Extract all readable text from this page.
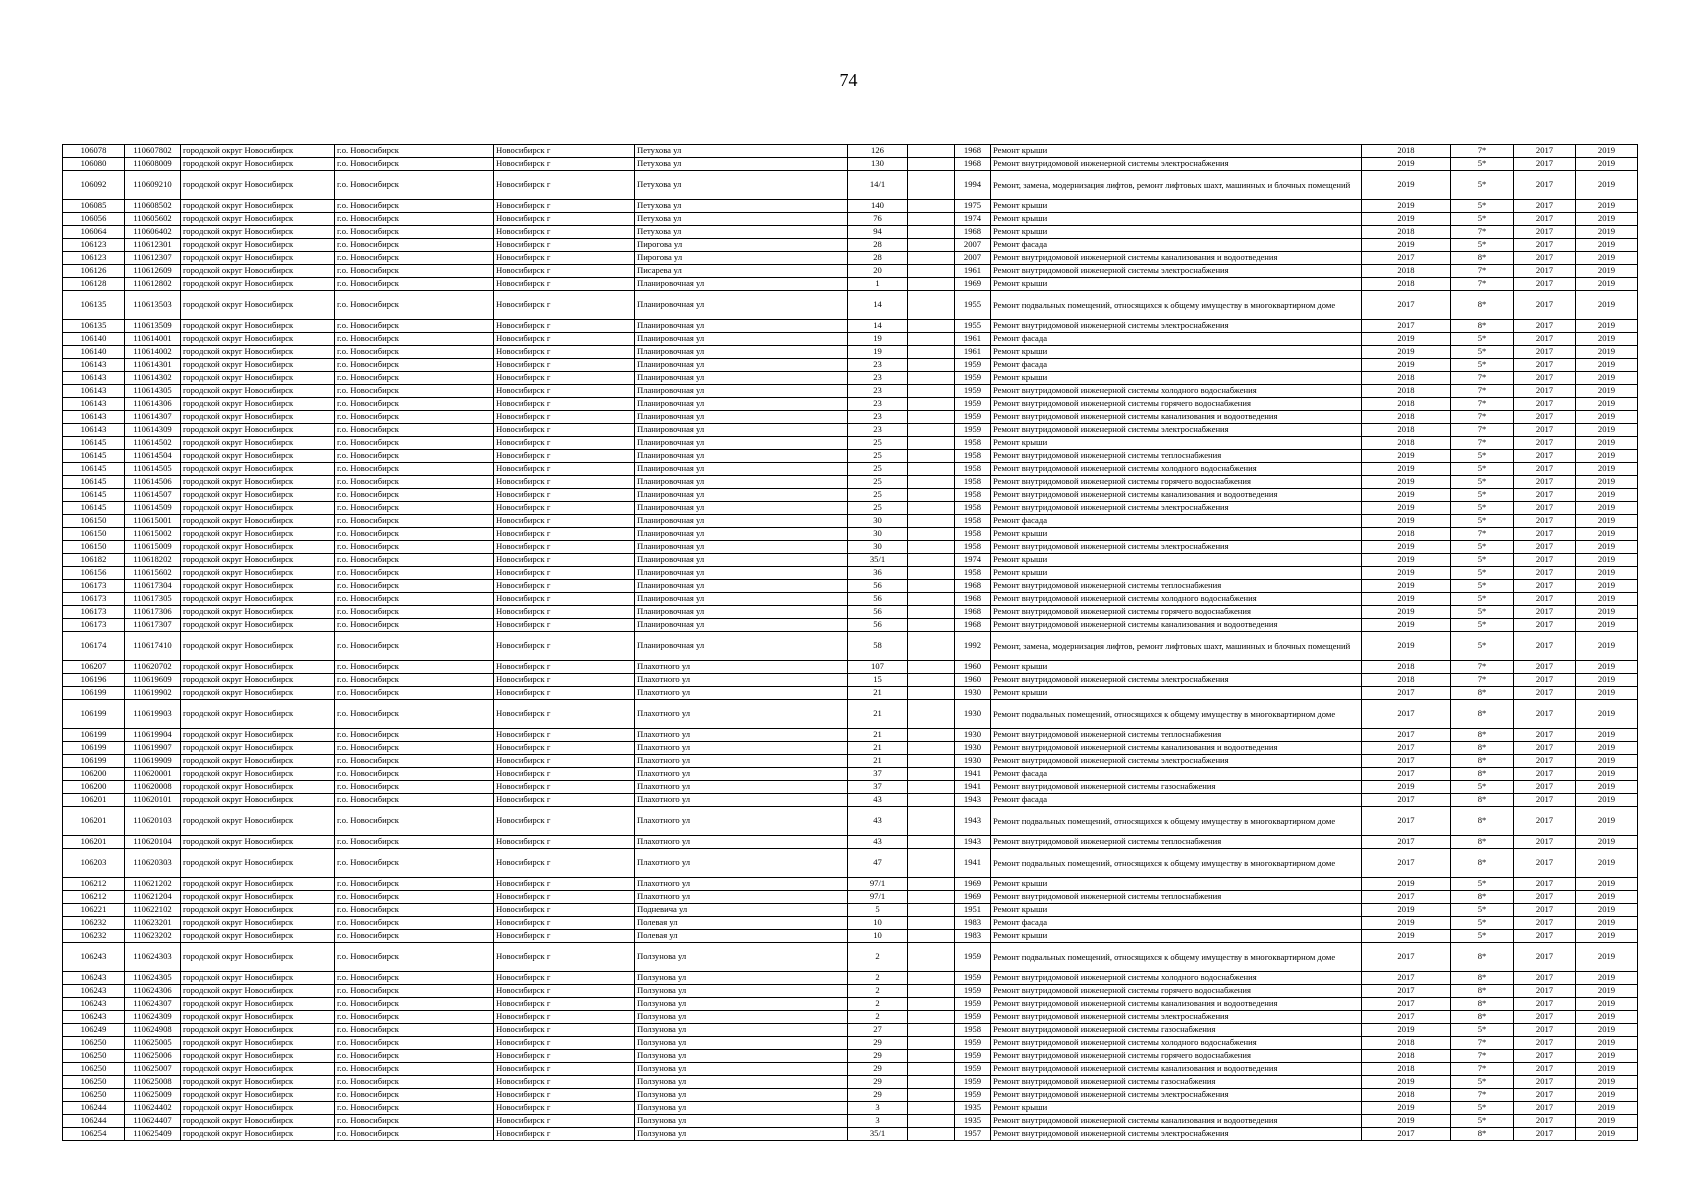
74
106078	110607802	городской округ Новосибирск	г.о. Новосибирск	Новосибирск г	Петухова ул	126		1968	Ремонт крыши	2018	7*	2017	2019
106080	110608009	городской округ Новосибирск	г.о. Новосибирск	Новосибирск г	Петухова ул	130		1968	Ремонт внутридомовой инженерной системы электроснабжения	2019	5*	2017	2019
106092	110609210	городской округ Новосибирск	г.о. Новосибирск	Новосибирск г	Петухова ул	14/1		1994	Ремонт, замена, модернизация лифтов, ремонт лифтовых шахт, машинных и блочных помещений	2019	5*	2017	2019
106085	110608502	городской округ Новосибирск	г.о. Новосибирск	Новосибирск г	Петухова ул	140		1975	Ремонт крыши	2019	5*	2017	2019
106056	110605602	городской округ Новосибирск	г.о. Новосибирск	Новосибирск г	Петухова ул	76		1974	Ремонт крыши	2019	5*	2017	2019
106064	110606402	городской округ Новосибирск	г.о. Новосибирск	Новосибирск г	Петухова ул	94		1968	Ремонт крыши	2018	7*	2017	2019
106123	110612301	городской округ Новосибирск	г.о. Новосибирск	Новосибирск г	Пирогова ул	28		2007	Ремонт фасада	2019	5*	2017	2019
106123	110612307	городской округ Новосибирск	г.о. Новосибирск	Новосибирск г	Пирогова ул	28		2007	Ремонт внутридомовой инженерной системы канализования и водоотведения	2017	8*	2017	2019
106126	110612609	городской округ Новосибирск	г.о. Новосибирск	Новосибирск г	Писарева ул	20		1961	Ремонт внутридомовой инженерной системы электроснабжения	2018	7*	2017	2019
106128	110612802	городской округ Новосибирск	г.о. Новосибирск	Новосибирск г	Планировочная ул	1		1969	Ремонт крыши	2018	7*	2017	2019
106135	110613503	городской округ Новосибирск	г.о. Новосибирск	Новосибирск г	Планировочная ул	14		1955	Ремонт подвальных помещений, относящихся к общему имуществу в многоквартирном доме	2017	8*	2017	2019
106135	110613509	городской округ Новосибирск	г.о. Новосибирск	Новосибирск г	Планировочная ул	14		1955	Ремонт внутридомовой инженерной системы электроснабжения	2017	8*	2017	2019
106140	110614001	городской округ Новосибирск	г.о. Новосибирск	Новосибирск г	Планировочная ул	19		1961	Ремонт фасада	2019	5*	2017	2019
106140	110614002	городской округ Новосибирск	г.о. Новосибирск	Новосибирск г	Планировочная ул	19		1961	Ремонт крыши	2019	5*	2017	2019
106143	110614301	городской округ Новосибирск	г.о. Новосибирск	Новосибирск г	Планировочная ул	23		1959	Ремонт фасада	2019	5*	2017	2019
106143	110614302	городской округ Новосибирск	г.о. Новосибирск	Новосибирск г	Планировочная ул	23		1959	Ремонт крыши	2018	7*	2017	2019
106143	110614305	городской округ Новосибирск	г.о. Новосибирск	Новосибирск г	Планировочная ул	23		1959	Ремонт внутридомовой инженерной системы холодного водоснабжения	2018	7*	2017	2019
106143	110614306	городской округ Новосибирск	г.о. Новосибирск	Новосибирск г	Планировочная ул	23		1959	Ремонт внутридомовой инженерной системы горячего водоснабжения	2018	7*	2017	2019
106143	110614307	городской округ Новосибирск	г.о. Новосибирск	Новосибирск г	Планировочная ул	23		1959	Ремонт внутридомовой инженерной системы канализования и водоотведения	2018	7*	2017	2019
106143	110614309	городской округ Новосибирск	г.о. Новосибирск	Новосибирск г	Планировочная ул	23		1959	Ремонт внутридомовой инженерной системы электроснабжения	2018	7*	2017	2019
106145	110614502	городской округ Новосибирск	г.о. Новосибирск	Новосибирск г	Планировочная ул	25		1958	Ремонт крыши	2018	7*	2017	2019
106145	110614504	городской округ Новосибирск	г.о. Новосибирск	Новосибирск г	Планировочная ул	25		1958	Ремонт внутридомовой инженерной системы теплоснабжения	2019	5*	2017	2019
106145	110614505	городской округ Новосибирск	г.о. Новосибирск	Новосибирск г	Планировочная ул	25		1958	Ремонт внутридомовой инженерной системы холодного водоснабжения	2019	5*	2017	2019
106145	110614506	городской округ Новосибирск	г.о. Новосибирск	Новосибирск г	Планировочная ул	25		1958	Ремонт внутридомовой инженерной системы горячего водоснабжения	2019	5*	2017	2019
106145	110614507	городской округ Новосибирск	г.о. Новосибирск	Новосибирск г	Планировочная ул	25		1958	Ремонт внутридомовой инженерной системы канализования и водоотведения	2019	5*	2017	2019
106145	110614509	городской округ Новосибирск	г.о. Новосибирск	Новосибирск г	Планировочная ул	25		1958	Ремонт внутридомовой инженерной системы электроснабжения	2019	5*	2017	2019
106150	110615001	городской округ Новосибирск	г.о. Новосибирск	Новосибирск г	Планировочная ул	30		1958	Ремонт фасада	2019	5*	2017	2019
106150	110615002	городской округ Новосибирск	г.о. Новосибирск	Новосибирск г	Планировочная ул	30		1958	Ремонт крыши	2018	7*	2017	2019
106150	110615009	городской округ Новосибирск	г.о. Новосибирск	Новосибирск г	Планировочная ул	30		1958	Ремонт внутридомовой инженерной системы электроснабжения	2019	5*	2017	2019
106182	110618202	городской округ Новосибирск	г.о. Новосибирск	Новосибирск г	Планировочная ул	35/1		1974	Ремонт крыши	2019	5*	2017	2019
106156	110615602	городской округ Новосибирск	г.о. Новосибирск	Новосибирск г	Планировочная ул	36		1958	Ремонт крыши	2019	5*	2017	2019
106173	110617304	городской округ Новосибирск	г.о. Новосибирск	Новосибирск г	Планировочная ул	56		1968	Ремонт внутридомовой инженерной системы теплоснабжения	2019	5*	2017	2019
106173	110617305	городской округ Новосибирск	г.о. Новосибирск	Новосибирск г	Планировочная ул	56		1968	Ремонт внутридомовой инженерной системы холодного водоснабжения	2019	5*	2017	2019
106173	110617306	городской округ Новосибирск	г.о. Новосибирск	Новосибирск г	Планировочная ул	56		1968	Ремонт внутридомовой инженерной системы горячего водоснабжения	2019	5*	2017	2019
106173	110617307	городской округ Новосибирск	г.о. Новосибирск	Новосибирск г	Планировочная ул	56		1968	Ремонт внутридомовой инженерной системы канализования и водоотведения	2019	5*	2017	2019
106174	110617410	городской округ Новосибирск	г.о. Новосибирск	Новосибирск г	Планировочная ул	58		1992	Ремонт, замена, модернизация лифтов, ремонт лифтовых шахт, машинных и блочных помещений	2019	5*	2017	2019
106207	110620702	городской округ Новосибирск	г.о. Новосибирск	Новосибирск г	Плахотного ул	107		1960	Ремонт крыши	2018	7*	2017	2019
106196	110619609	городской округ Новосибирск	г.о. Новосибирск	Новосибирск г	Плахотного ул	15		1960	Ремонт внутридомовой инженерной системы электроснабжения	2018	7*	2017	2019
106199	110619902	городской округ Новосибирск	г.о. Новосибирск	Новосибирск г	Плахотного ул	21		1930	Ремонт крыши	2017	8*	2017	2019
106199	110619903	городской округ Новосибирск	г.о. Новосибирск	Новосибирск г	Плахотного ул	21		1930	Ремонт подвальных помещений, относящихся к общему имуществу в многоквартирном доме	2017	8*	2017	2019
106199	110619904	городской округ Новосибирск	г.о. Новосибирск	Новосибирск г	Плахотного ул	21		1930	Ремонт внутридомовой инженерной системы теплоснабжения	2017	8*	2017	2019
106199	110619907	городской округ Новосибирск	г.о. Новосибирск	Новосибирск г	Плахотного ул	21		1930	Ремонт внутридомовой инженерной системы канализования и водоотведения	2017	8*	2017	2019
106199	110619909	городской округ Новосибирск	г.о. Новосибирск	Новосибирск г	Плахотного ул	21		1930	Ремонт внутридомовой инженерной системы электроснабжения	2017	8*	2017	2019
106200	110620001	городской округ Новосибирск	г.о. Новосибирск	Новосибирск г	Плахотного ул	37		1941	Ремонт фасада	2017	8*	2017	2019
106200	110620008	городской округ Новосибирск	г.о. Новосибирск	Новосибирск г	Плахотного ул	37		1941	Ремонт внутридомовой инженерной системы газоснабжения	2019	5*	2017	2019
106201	110620101	городской округ Новосибирск	г.о. Новосибирск	Новосибирск г	Плахотного ул	43		1943	Ремонт фасада	2017	8*	2017	2019
106201	110620103	городской округ Новосибирск	г.о. Новосибирск	Новосибирск г	Плахотного ул	43		1943	Ремонт подвальных помещений, относящихся к общему имуществу в многоквартирном доме	2017	8*	2017	2019
106201	110620104	городской округ Новосибирск	г.о. Новосибирск	Новосибирск г	Плахотного ул	43		1943	Ремонт внутридомовой инженерной системы теплоснабжения	2017	8*	2017	2019
106203	110620303	городской округ Новосибирск	г.о. Новосибирск	Новосибирск г	Плахотного ул	47		1941	Ремонт подвальных помещений, относящихся к общему имуществу в многоквартирном доме	2017	8*	2017	2019
106212	110621202	городской округ Новосибирск	г.о. Новосибирск	Новосибирск г	Плахотного ул	97/1		1969	Ремонт крыши	2019	5*	2017	2019
106212	110621204	городской округ Новосибирск	г.о. Новосибирск	Новосибирск г	Плахотного ул	97/1		1969	Ремонт внутридомовой инженерной системы теплоснабжения	2017	8*	2017	2019
106221	110622102	городской округ Новосибирск	г.о. Новосибирск	Новосибирск г	Подневича ул	5		1951	Ремонт крыши	2019	5*	2017	2019
106232	110623201	городской округ Новосибирск	г.о. Новосибирск	Новосибирск г	Полевая ул	10		1983	Ремонт фасада	2019	5*	2017	2019
106232	110623202	городской округ Новосибирск	г.о. Новосибирск	Новосибирск г	Полевая ул	10		1983	Ремонт крыши	2019	5*	2017	2019
106243	110624303	городской округ Новосибирск	г.о. Новосибирск	Новосибирск г	Ползунова ул	2		1959	Ремонт подвальных помещений, относящихся к общему имуществу в многоквартирном доме	2017	8*	2017	2019
106243	110624305	городской округ Новосибирск	г.о. Новосибирск	Новосибирск г	Ползунова ул	2		1959	Ремонт внутридомовой инженерной системы холодного водоснабжения	2017	8*	2017	2019
106243	110624306	городской округ Новосибирск	г.о. Новосибирск	Новосибирск г	Ползунова ул	2		1959	Ремонт внутридомовой инженерной системы горячего водоснабжения	2017	8*	2017	2019
106243	110624307	городской округ Новосибирск	г.о. Новосибирск	Новосибирск г	Ползунова ул	2		1959	Ремонт внутридомовой инженерной системы канализования и водоотведения	2017	8*	2017	2019
106243	110624309	городской округ Новосибирск	г.о. Новосибирск	Новосибирск г	Ползунова ул	2		1959	Ремонт внутридомовой инженерной системы электроснабжения	2017	8*	2017	2019
106249	110624908	городской округ Новосибирск	г.о. Новосибирск	Новосибирск г	Ползунова ул	27		1958	Ремонт внутридомовой инженерной системы газоснабжения	2019	5*	2017	2019
106250	110625005	городской округ Новосибирск	г.о. Новосибирск	Новосибирск г	Ползунова ул	29		1959	Ремонт внутридомовой инженерной системы холодного водоснабжения	2018	7*	2017	2019
106250	110625006	городской округ Новосибирск	г.о. Новосибирск	Новосибирск г	Ползунова ул	29		1959	Ремонт внутридомовой инженерной системы горячего водоснабжения	2018	7*	2017	2019
106250	110625007	городской округ Новосибирск	г.о. Новосибирск	Новосибирск г	Ползунова ул	29		1959	Ремонт внутридомовой инженерной системы канализования и водоотведения	2018	7*	2017	2019
106250	110625008	городской округ Новосибирск	г.о. Новосибирск	Новосибирск г	Ползунова ул	29		1959	Ремонт внутридомовой инженерной системы газоснабжения	2019	5*	2017	2019
106250	110625009	городской округ Новосибирск	г.о. Новосибирск	Новосибирск г	Ползунова ул	29		1959	Ремонт внутридомовой инженерной системы электроснабжения	2018	7*	2017	2019
106244	110624402	городской округ Новосибирск	г.о. Новосибирск	Новосибирск г	Ползунова ул	3		1935	Ремонт крыши	2019	5*	2017	2019
106244	110624407	городской округ Новосибирск	г.о. Новосибирск	Новосибирск г	Ползунова ул	3		1935	Ремонт внутридомовой инженерной системы канализования и водоотведения	2019	5*	2017	2019
106254	110625409	городской округ Новосибирск	г.о. Новосибирск	Новосибирск г	Ползунова ул	35/1		1957	Ремонт внутридомовой инженерной системы электроснабжения	2017	8*	2017	2019
